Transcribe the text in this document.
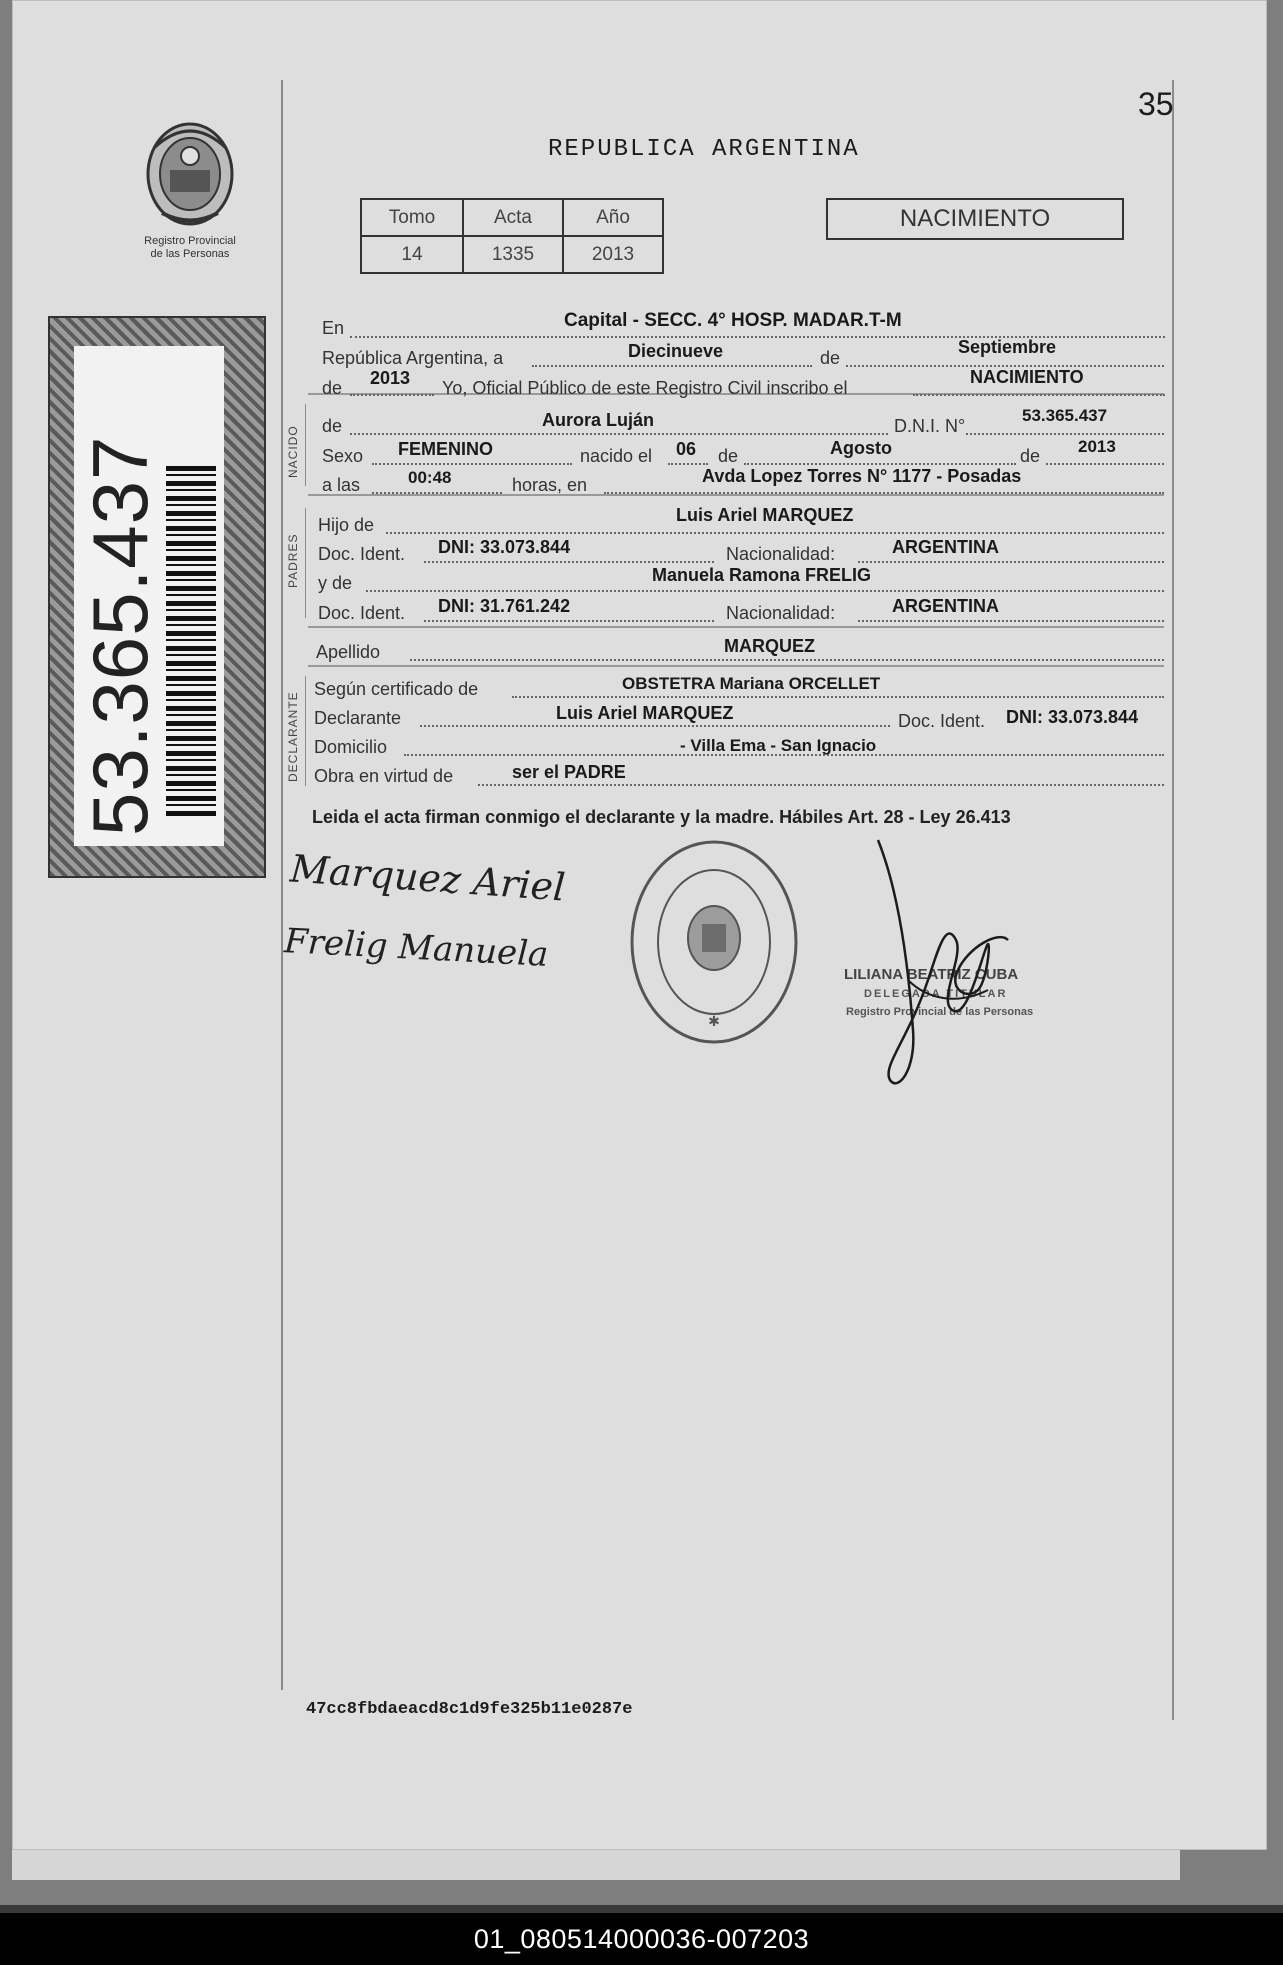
Registro Provincial
de las Personas
53.365.437
35
REPUBLICA ARGENTINA
Tomo	Acta	Año
14	1335	2013
NACIMIENTO
NACIDO
PADRES
DECLARANTE
En	Capital - SECC. 4° HOSP. MADAR.T-M
República Argentina, a	Diecinueve	de
Septiembre
de 2013 Yo, Oficial Público de este Registro Civil inscribo el
NACIMIENTO
de	Aurora Luján	D.N.I. N°
53.365.437
Sexo FEMENINO	nacido el 06 de	Agosto	de 2013
a las	00:48	horas, en	Avda Lopez Torres N° 1177 - Posadas
Hijo de	Luis Ariel MARQUEZ
Doc. Ident. DNI: 33.073.844	Nacionalidad:	ARGENTINA
y de	Manuela Ramona FRELIG
Doc. Ident. DNI: 31.761.242	Nacionalidad:	ARGENTINA
Apellido	MARQUEZ
Según certificado de	OBSTETRA Mariana ORCELLET
Declarante	Luis Ariel MARQUEZ	Doc. Ident. DNI: 33.073.844
Domicilio	- Villa Ema - San Ignacio
Obra en virtud de	ser el PADRE
Leida el acta firman conmigo el declarante y la madre. Hábiles Art. 28 - Ley 26.413
Marquez Ariel
Frelig Manuela
✱
LILIANA BEATRIZ CUBA
DELEGADA TITULAR
Registro Provincial de las Personas
47cc8fbdaeacd8c1d9fe325b11e0287e
01_080514000036-007203
